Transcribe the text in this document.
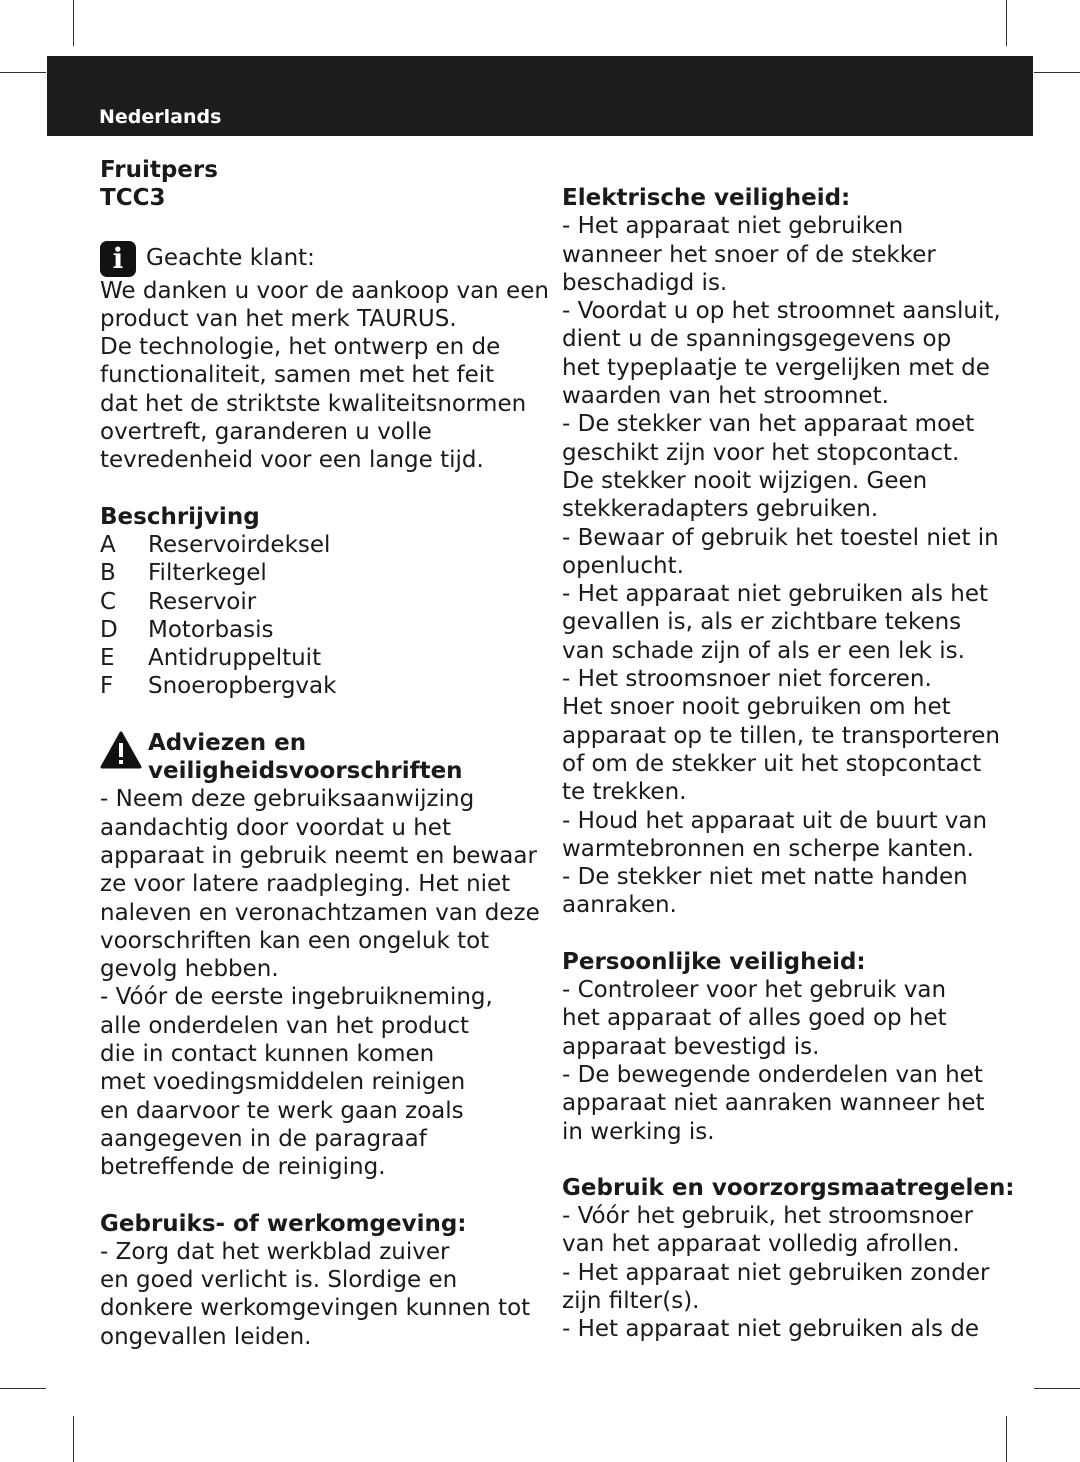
Nederlands
Fruitpers
TCC3
i Geachte klant:
We danken u voor de aankoop van een
product van het merk TAURUS.
De technologie, het ontwerp en de
functionaliteit, samen met het feit
dat het de striktste kwaliteitsnormen
overtreft, garanderen u volle
tevredenheid voor een lange tijd.
Beschrijving
A	Reservoirdeksel
B	Filterkegel
C	Reservoir
D	Motorbasis
E	Antidruppeltuit
F	Snoeropbergvak
Adviezen en
veiligheidsvoorschriften
- Neem deze gebruiksaanwijzing
aandachtig door voordat u het
apparaat in gebruik neemt en bewaar
ze voor latere raadpleging. Het niet
naleven en veronachtzamen van deze
voorschriften kan een ongeluk tot
gevolg hebben.
- Vóór de eerste ingebruikneming,
alle onderdelen van het product
die in contact kunnen komen
met voedingsmiddelen reinigen
en daarvoor te werk gaan zoals
aangegeven in de paragraaf
betreffende de reiniging.
Gebruiks- of werkomgeving:
- Zorg dat het werkblad zuiver
en goed verlicht is. Slordige en
donkere werkomgevingen kunnen tot
ongevallen leiden.
Elektrische veiligheid:
- Het apparaat niet gebruiken
wanneer het snoer of de stekker
beschadigd is.
- Voordat u op het stroomnet aansluit,
dient u de spanningsgegevens op
het typeplaatje te vergelijken met de
waarden van het stroomnet.
- De stekker van het apparaat moet
geschikt zijn voor het stopcontact.
De stekker nooit wijzigen. Geen
stekkeradapters gebruiken.
- Bewaar of gebruik het toestel niet in
openlucht.
- Het apparaat niet gebruiken als het
gevallen is, als er zichtbare tekens
van schade zijn of als er een lek is.
- Het stroomsnoer niet forceren.
Het snoer nooit gebruiken om het
apparaat op te tillen, te transporteren
of om de stekker uit het stopcontact
te trekken.
- Houd het apparaat uit de buurt van
warmtebronnen en scherpe kanten.
- De stekker niet met natte handen
aanraken.
Persoonlijke veiligheid:
- Controleer voor het gebruik van
het apparaat of alles goed op het
apparaat bevestigd is.
- De bewegende onderdelen van het
apparaat niet aanraken wanneer het
in werking is.
Gebruik en voorzorgsmaatregelen:
- Vóór het gebruik, het stroomsnoer
van het apparaat volledig afrollen.
- Het apparaat niet gebruiken zonder
zijn filter(s).
- Het apparaat niet gebruiken als de
